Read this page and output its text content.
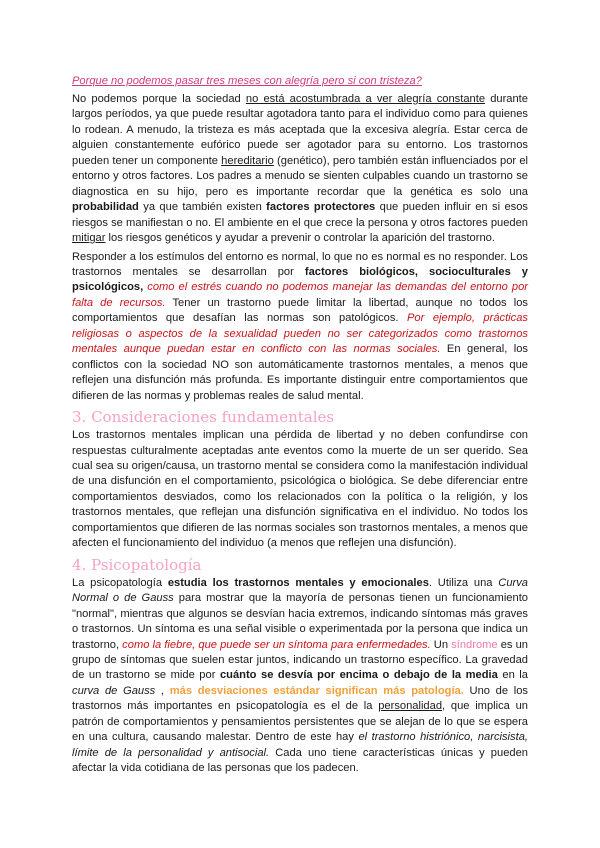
Porque no podemos pasar tres meses con alegría pero si con tristeza?

No podemos porque la sociedad no está acostumbrada a ver alegría constante durante largos períodos, ya que puede resultar agotadora tanto para el individuo como para quienes lo rodean. A menudo, la tristeza es más aceptada que la excesiva alegría. Estar cerca de alguien constantemente eufórico puede ser agotador para su entorno. Los trastornos pueden tener un componente hereditario (genético), pero también están influenciados por el entorno y otros factores. Los padres a menudo se sienten culpables cuando un trastorno se diagnostica en su hijo, pero es importante recordar que la genética es solo una probabilidad ya que también existen factores protectores que pueden influir en si esos riesgos se manifiestan o no. El ambiente en el que crece la persona y otros factores pueden mitigar los riesgos genéticos y ayudar a prevenir o controlar la aparición del trastorno.

Responder a los estímulos del entorno es normal, lo que no es normal es no responder. Los trastornos mentales se desarrollan por factores biológicos, socioculturales y psicológicos, como el estrés cuando no podemos manejar las demandas del entorno por falta de recursos. Tener un trastorno puede limitar la libertad, aunque no todos los comportamientos que desafían las normas son patológicos. Por ejemplo, prácticas religiosas o aspectos de la sexualidad pueden no ser categorizados como trastornos mentales aunque puedan estar en conflicto con las normas sociales. En general, los conflictos con la sociedad NO son automáticamente trastornos mentales, a menos que reflejen una disfunción más profunda. Es importante distinguir entre comportamientos que difieren de las normas y problemas reales de salud mental.

3. Consideraciones fundamentales

Los trastornos mentales implican una pérdida de libertad y no deben confundirse con respuestas culturalmente aceptadas ante eventos como la muerte de un ser querido. Sea cual sea su origen/causa, un trastorno mental se considera como la manifestación individual de una disfunción en el comportamiento, psicológica o biológica. Se debe diferenciar entre comportamientos desviados, como los relacionados con la política o la religión, y los trastornos mentales, que reflejan una disfunción significativa en el individuo. No todos los comportamientos que difieren de las normas sociales son trastornos mentales, a menos que afecten el funcionamiento del individuo (a menos que reflejen una disfunción).

4. Psicopatología

La psicopatología estudia los trastornos mentales y emocionales. Utiliza una Curva Normal o de Gauss para mostrar que la mayoría de personas tienen un funcionamiento "normal", mientras que algunos se desvían hacia extremos, indicando síntomas más graves o trastornos. Un síntoma es una señal visible o experimentada por la persona que indica un trastorno, como la fiebre, que puede ser un síntoma para enfermedades. Un síndrome es un grupo de síntomas que suelen estar juntos, indicando un trastorno específico. La gravedad de un trastorno se mide por cuánto se desvía por encima o debajo de la media en la curva de Gauss , más desviaciones estándar significan más patología. Uno de los trastornos más importantes en psicopatología es el de la personalidad, que implica un patrón de comportamientos y pensamientos persistentes que se alejan de lo que se espera en una cultura, causando malestar. Dentro de este hay el trastorno histriónico, narcisista, límite de la personalidad y antisocial. Cada uno tiene características únicas y pueden afectar la vida cotidiana de las personas que los padecen.
